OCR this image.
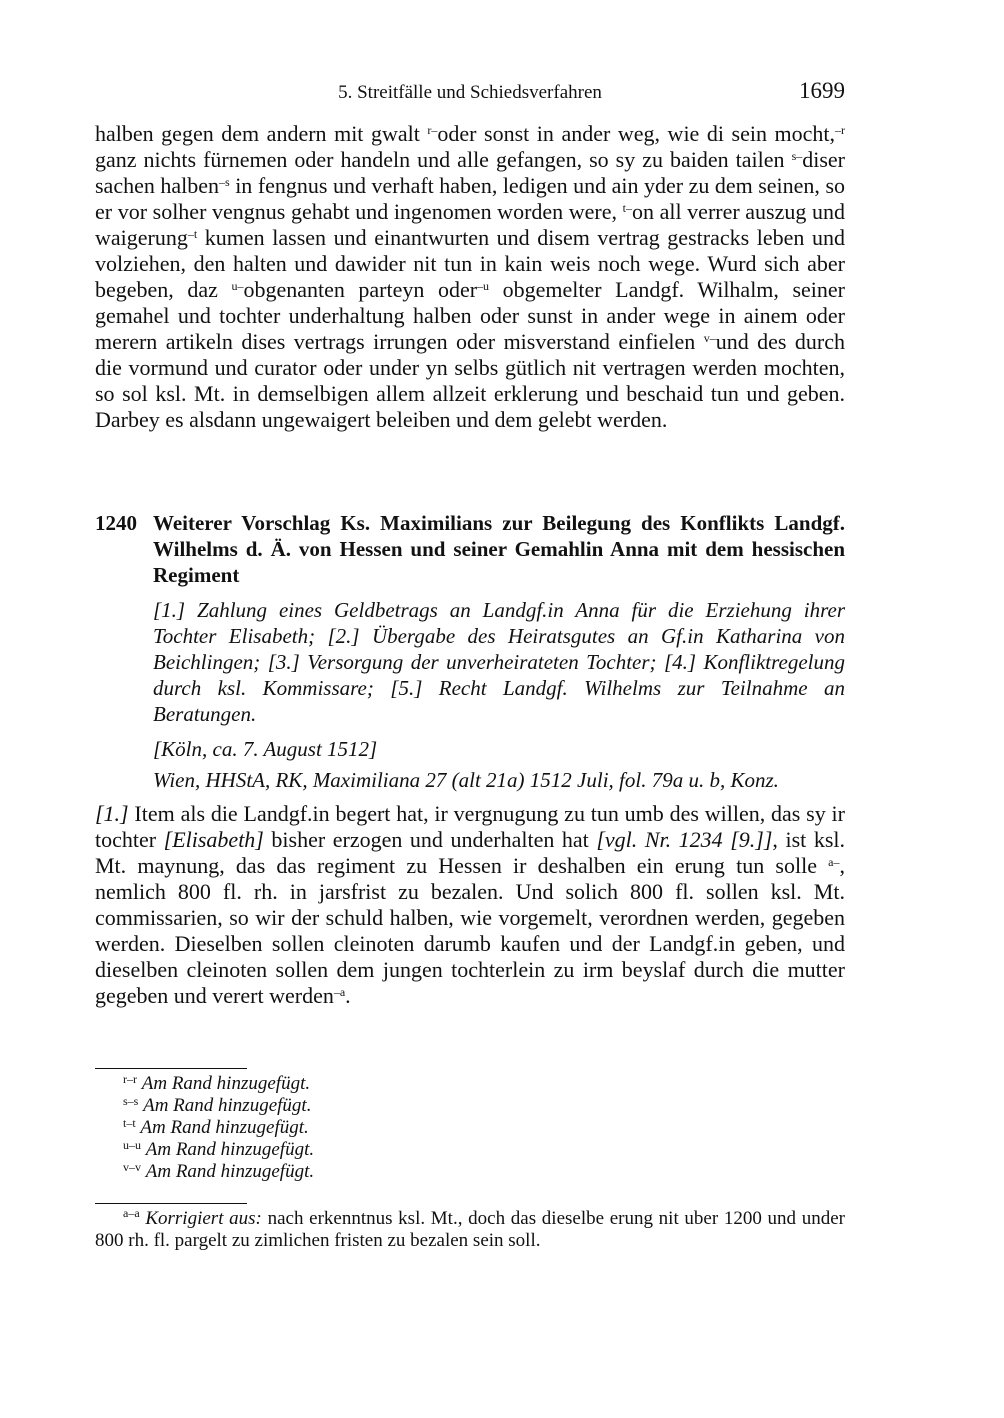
5. Streitfälle und Schiedsverfahren	1699

halben gegen dem andern mit gwalt $^{r-}$oder sonst in ander weg, wie di sein mocht,$^{-r}$ ganz nichts fürnemen oder handeln und alle gefangen, so sy zu baiden tailen $^{s-}$diser sachen halben$^{-s}$ in fengnus und verhaft haben, ledigen und ain yder zu dem seinen, so er vor solher vengnus gehabt und ingenomen worden were, $^{t-}$on all verrer auszug und waigerung$^{-t}$ kumen lassen und einantwurten und disem vertrag gestracks leben und volziehen, den halten und dawider nit tun in kain weis noch wege. Wurd sich aber begeben, daz $^{u-}$obgenanten parteyn oder$^{-u}$ obgemelter Landgf. Wilhalm, seiner gemahel und tochter underhaltung halben oder sunst in ander wege in ainem oder merern artikeln dises vertrags irrungen oder misverstand einfielen $^{v-}$und des durch die vormund und curator oder under yn selbs gütlich nit vertragen werden mochten, so sol ksl. Mt. in demselbigen allem allzeit erklerung und beschaid tun und geben. Darbey es alsdann ungewaigert beleiben und dem gelebt werden.

1240 Weiterer Vorschlag Ks. Maximilians zur Beilegung des Konflikts Landgf. Wilhelms d. Ä. von Hessen und seiner Gemahlin Anna mit dem hessischen Regiment

[1.] Zahlung eines Geldbetrags an Landgf.in Anna für die Erziehung ihrer Tochter Elisabeth; [2.] Übergabe des Heiratsgutes an Gf.in Katharina von Beichlingen; [3.] Versorgung der unverheirateten Tochter; [4.] Konfliktregelung durch ksl. Kommissare; [5.] Recht Landgf. Wilhelms zur Teilnahme an Beratungen.

[Köln, ca. 7. August 1512]

Wien, HHStA, RK, Maximiliana 27 (alt 21a) 1512 Juli, fol. 79a u. b, Konz.

[1.] Item als die Landgf.in begert hat, ir vergnugung zu tun umb des willen, das sy ir tochter [Elisabeth] bisher erzogen und underhalten hat [vgl. Nr. 1234 [9.]], ist ksl. Mt. maynung, das das regiment zu Hessen ir deshalben ein erung tun solle $^{a-}$, nemlich 800 fl. rh. in jarsfrist zu bezalen. Und solich 800 fl. sollen ksl. Mt. commissarien, so wir der schuld halben, wie vorgemelt, verordnen werden, gegeben werden. Dieselben sollen cleinoten darumb kaufen und der Landgf.in geben, und dieselben cleinoten sollen dem jungen tochterlein zu irm beyslaf durch die mutter gegeben und verert werden$^{-a}$.

$^{r-r}$ Am Rand hinzugefügt.
$^{s-s}$ Am Rand hinzugefügt.
$^{t-t}$ Am Rand hinzugefügt.
$^{u-u}$ Am Rand hinzugefügt.
$^{v-v}$ Am Rand hinzugefügt.
$^{a-a}$ Korrigiert aus: nach erkenntnus ksl. Mt., doch das dieselbe erung nit uber 1200 und under 800 rh. fl. pargelt zu zimlichen fristen zu bezalen sein soll.
